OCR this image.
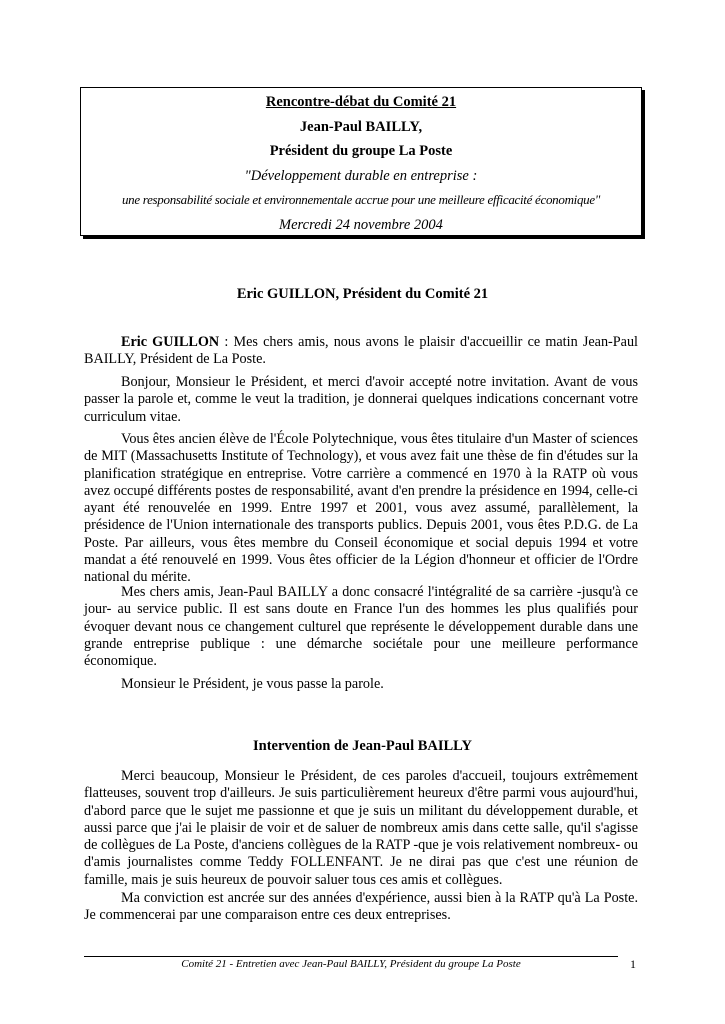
Rencontre-débat du Comité 21
Jean-Paul BAILLY,
Président du groupe La Poste
"Développement durable en entreprise :
une responsabilité sociale et environnementale accrue pour une meilleure efficacité économique"
Mercredi 24 novembre 2004
Eric GUILLON, Président du Comité 21

Eric GUILLON : Mes chers amis, nous avons le plaisir d'accueillir ce matin Jean-Paul BAILLY, Président de La Poste.

Bonjour, Monsieur le Président, et merci d'avoir accepté notre invitation. Avant de vous passer la parole et, comme le veut la tradition, je donnerai quelques indications concernant votre curriculum vitae.

Vous êtes ancien élève de l'École Polytechnique, vous êtes titulaire d'un Master of sciences de MIT (Massachusetts Institute of Technology), et vous avez fait une thèse de fin d'études sur la planification stratégique en entreprise. Votre carrière a commencé en 1970 à la RATP où vous avez occupé différents postes de responsabilité, avant d'en prendre la présidence en 1994, celle-ci ayant été renouvelée en 1999. Entre 1997 et 2001, vous avez assumé, parallèlement, la présidence de l'Union internationale des transports publics. Depuis 2001, vous êtes P.D.G. de La Poste. Par ailleurs, vous êtes membre du Conseil économique et social depuis 1994 et votre mandat a été renouvelé en 1999. Vous êtes officier de la Légion d'honneur et officier de l'Ordre national du mérite.

Mes chers amis, Jean-Paul BAILLY a donc consacré l'intégralité de sa carrière -jusqu'à ce jour- au service public. Il est sans doute en France l'un des hommes les plus qualifiés pour évoquer devant nous ce changement culturel que représente le développement durable dans une grande entreprise publique : une démarche sociétale pour une meilleure performance économique.

Monsieur le Président, je vous passe la parole.

Intervention de Jean-Paul BAILLY

Merci beaucoup, Monsieur le Président, de ces paroles d'accueil, toujours extrêmement flatteuses, souvent trop d'ailleurs. Je suis particulièrement heureux d'être parmi vous aujourd'hui, d'abord parce que le sujet me passionne et que je suis un militant du développement durable, et aussi parce que j'ai le plaisir de voir et de saluer de nombreux amis dans cette salle, qu'il s'agisse de collègues de La Poste, d'anciens collègues de la RATP -que je vois relativement nombreux- ou d'amis journalistes comme Teddy FOLLENFANT. Je ne dirai pas que c'est une réunion de famille, mais je suis heureux de pouvoir saluer tous ces amis et collègues.

Ma conviction est ancrée sur des années d'expérience, aussi bien à la RATP qu'à La Poste. Je commencerai par une comparaison entre ces deux entreprises.

Comité 21 - Entretien avec Jean-Paul BAILLY, Président du groupe La Poste	1
